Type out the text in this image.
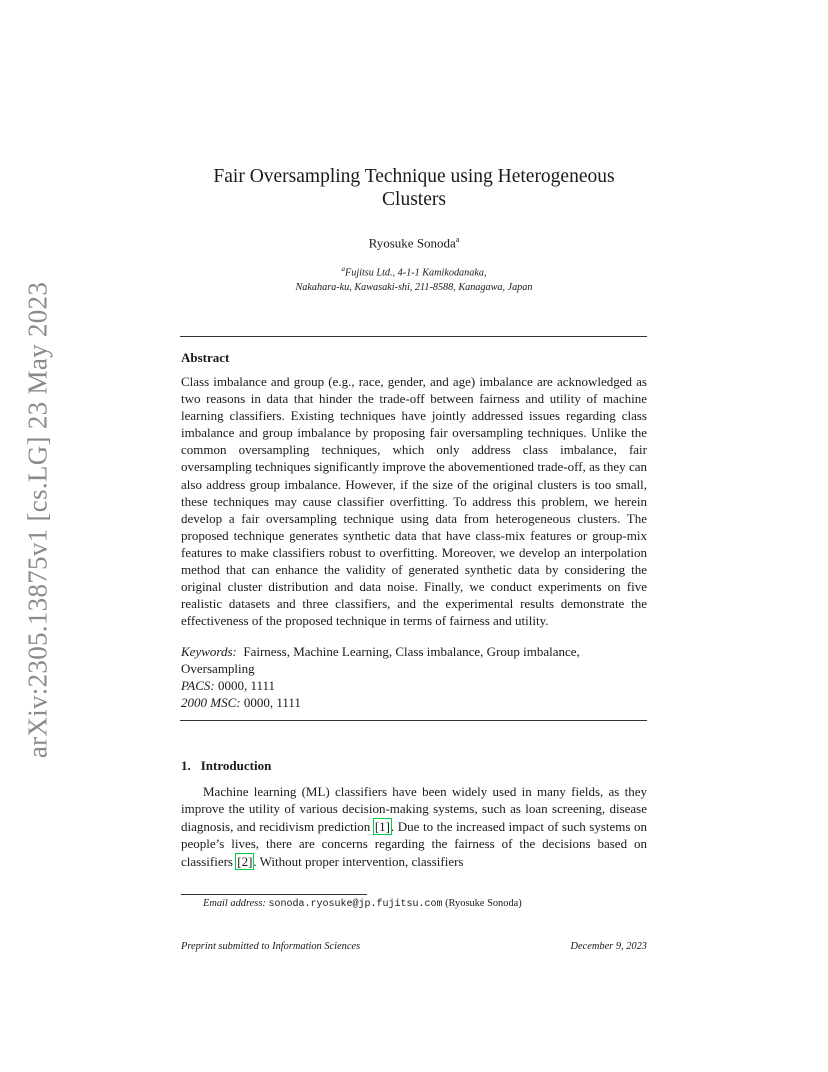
arXiv:2305.13875v1 [cs.LG] 23 May 2023
Fair Oversampling Technique using Heterogeneous
Clusters
Ryosuke Sonoda$^a$
$^a$Fujitsu Ltd., 4-1-1 Kamikodanaka,
Nakahara-ku, Kawasaki-shi, 211-8588, Kanagawa, Japan
Abstract
Class imbalance and group (e.g., race, gender, and age) imbalance are acknowledged as two reasons in data that hinder the trade-off between fairness and utility of machine learning classifiers. Existing techniques have jointly addressed issues regarding class imbalance and group imbalance by proposing fair oversampling techniques. Unlike the common oversampling techniques, which only address class imbalance, fair oversampling techniques significantly improve the abovementioned trade-off, as they can also address group imbalance. However, if the size of the original clusters is too small, these techniques may cause classifier overfitting. To address this problem, we herein develop a fair oversampling technique using data from heterogeneous clusters. The proposed technique generates synthetic data that have class-mix features or group-mix features to make classifiers robust to overfitting. Moreover, we develop an interpolation method that can enhance the validity of generated synthetic data by considering the original cluster distribution and data noise. Finally, we conduct experiments on five realistic datasets and three classifiers, and the experimental results demonstrate the effectiveness of the proposed technique in terms of fairness and utility.
Keywords: Fairness, Machine Learning, Class imbalance, Group imbalance, Oversampling
PACS: 0000, 1111
2000 MSC: 0000, 1111
1. Introduction
Machine learning (ML) classifiers have been widely used in many fields, as they improve the utility of various decision-making systems, such as loan screening, disease diagnosis, and recidivism prediction [1]. Due to the increased impact of such systems on people’s lives, there are concerns regarding the fairness of the decisions based on classifiers [2]. Without proper intervention, classifiers
Email address: sonoda.ryosuke@jp.fujitsu.com (Ryosuke Sonoda)
Preprint submitted to Information Sciences	December 9, 2023
